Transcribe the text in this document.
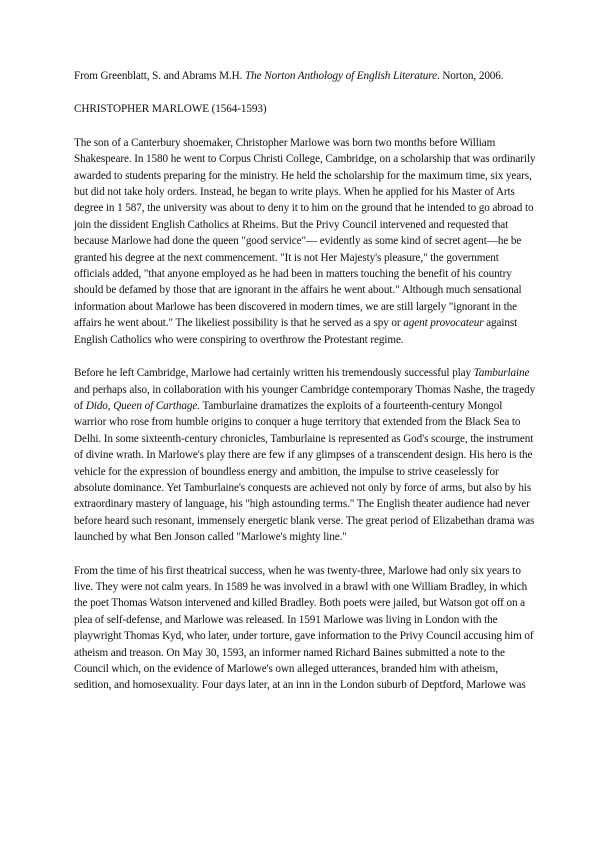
From Greenblatt, S. and Abrams M.H. The Norton Anthology of English Literature. Norton, 2006.

CHRISTOPHER MARLOWE (1564-1593)

The son of a Canterbury shoemaker, Christopher Marlowe was born two months before William Shakespeare. In 1580 he went to Corpus Christi College, Cambridge, on a scholarship that was ordinarily awarded to students preparing for the ministry. He held the scholarship for the maximum time, six years, but did not take holy orders. Instead, he began to write plays. When he applied for his Master of Arts degree in 1 587, the university was about to deny it to him on the ground that he intended to go abroad to join the dissident English Catholics at Rheims. But the Privy Council intervened and requested that because Marlowe had done the queen "good service"— evidently as some kind of secret agent—he be granted his degree at the next commencement. "It is not Her Majesty's pleasure," the government officials added, "that anyone employed as he had been in matters touching the benefit of his country should be defamed by those that are ignorant in the affairs he went about." Although much sensational information about Marlowe has been discovered in modern times, we are still largely "ignorant in the affairs he went about." The likeliest possibility is that he served as a spy or agent provocateur against English Catholics who were conspiring to overthrow the Protestant regime.

Before he left Cambridge, Marlowe had certainly written his tremendously successful play Tamburlaine and perhaps also, in collaboration with his younger Cambridge contemporary Thomas Nashe, the tragedy of Dido, Queen of Carthage. Tamburlaine dramatizes the exploits of a fourteenth-century Mongol warrior who rose from humble origins to conquer a huge territory that extended from the Black Sea to Delhi. In some sixteenth-century chronicles, Tamburlaine is represented as God's scourge, the instrument of divine wrath. In Marlowe's play there are few if any glimpses of a transcendent design. His hero is the vehicle for the expression of boundless energy and ambition, the impulse to strive ceaselessly for absolute dominance. Yet Tamburlaine's conquests are achieved not only by force of arms, but also by his extraordinary mastery of language, his "high astounding terms." The English theater audience had never before heard such resonant, immensely energetic blank verse. The great period of Elizabethan drama was launched by what Ben Jonson called "Marlowe's mighty line."

From the time of his first theatrical success, when he was twenty-three, Marlowe had only six years to live. They were not calm years. In 1589 he was involved in a brawl with one William Bradley, in which the poet Thomas Watson intervened and killed Bradley. Both poets were jailed, but Watson got off on a plea of self-defense, and Marlowe was released. In 1591 Marlowe was living in London with the playwright Thomas Kyd, who later, under torture, gave information to the Privy Council accusing him of atheism and treason. On May 30, 1593, an informer named Richard Baines submitted a note to the Council which, on the evidence of Marlowe's own alleged utterances, branded him with atheism, sedition, and homosexuality. Four days later, at an inn in the London suburb of Deptford, Marlowe was
